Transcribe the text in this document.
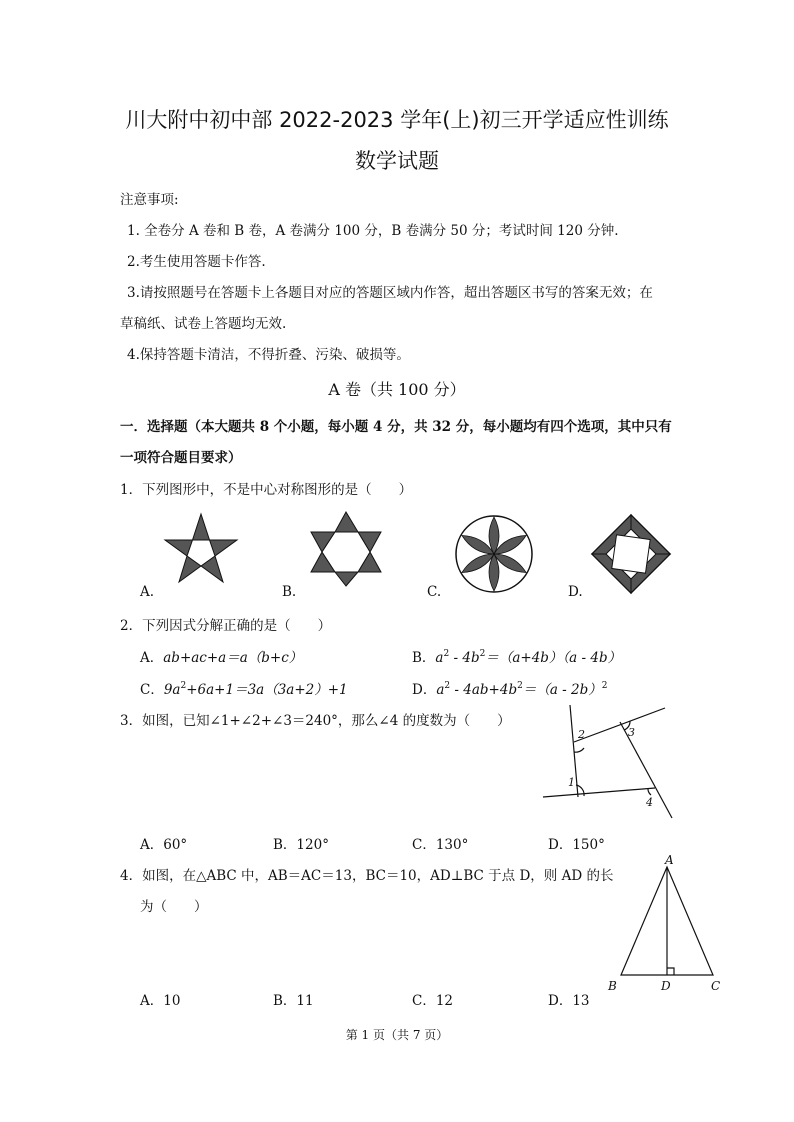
川大附中初中部 2022-2023 学年(上)初三开学适应性训练
数学试题
注意事项:
1. 全卷分 A 卷和 B 卷，A 卷满分 100 分，B 卷满分 50 分；考试时间 120 分钟.
2.考生使用答题卡作答.
3.请按照题号在答题卡上各题目对应的答题区域内作答，超出答题区书写的答案无效；在
草稿纸、试卷上答题均无效.
4.保持答题卡清洁，不得折叠、污染、破损等。
A 卷（共 100 分）
一．选择题（本大题共 8 个小题，每小题 4 分，共 32 分，每小题均有四个选项，其中只有
一项符合题目要求）
1．下列图形中，不是中心对称图形的是（　　）
A.	B.	C.	D.
2．下列因式分解正确的是（　　）
A．ab+ac+a＝a（b+c）	B．$a^2 - 4b^2=(a+4b)(a - 4b)$
C．$9a^2+6a+1=3a(3a+2)+1$	D．$a^2 - 4ab+4b^2=(a - 2b)^2$
3．如图，已知∠1+∠2+∠3＝240°，那么∠4 的度数为（　　）
1
2	3
4
A．60°	B．120°	C．130°	D．150°
4．如图，在△ABC 中，AB＝AC＝13，BC＝10，AD⊥BC 于点 D，则 AD 的长
为（　　）
A
B	D	C
A．10	B．11	C．12	D．13
第 1 页（共 7 页）
